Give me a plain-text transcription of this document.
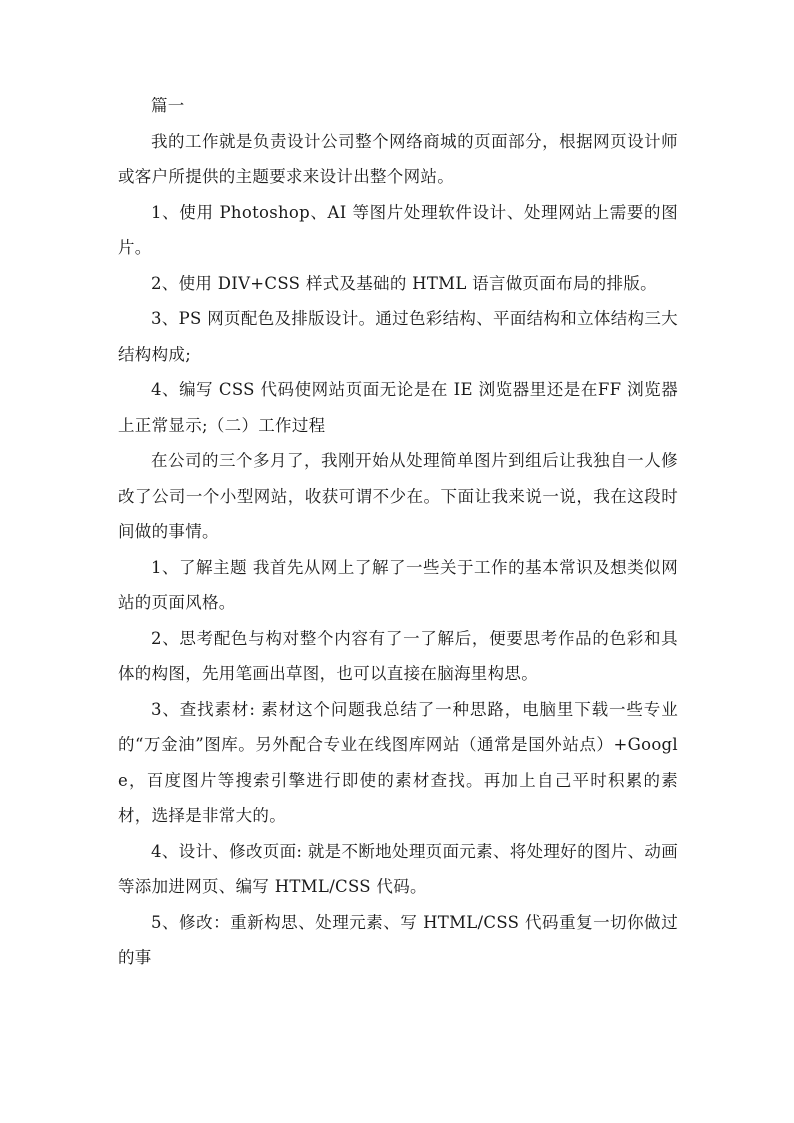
篇一

我的工作就是负责设计公司整个网络商城的页面部分，根据网页设计师或客户所提供的主题要求来设计出整个网站。

1、使用 Photoshop、AI 等图片处理软件设计、处理网站上需要的图片。

2、使用 DIV+CSS 样式及基础的 HTML 语言做页面布局的排版。

3、PS 网页配色及排版设计。通过色彩结构、平面结构和立体结构三大结构构成;

4、编写 CSS 代码使网站页面无论是在 IE 浏览器里还是在FF 浏览器上正常显示;（二）工作过程

在公司的三个多月了，我刚开始从处理简单图片到组后让我独自一人修改了公司一个小型网站，收获可谓不少在。下面让我来说一说，我在这段时间做的事情。

1、了解主题 我首先从网上了解了一些关于工作的基本常识及想类似网站的页面风格。

2、思考配色与构对整个内容有了一了解后，便要思考作品的色彩和具体的构图，先用笔画出草图，也可以直接在脑海里构思。

3、查找素材: 素材这个问题我总结了一种思路，电脑里下载一些专业的“万金油”图库。另外配合专业在线图库网站（通常是国外站点）+Google，百度图片等搜索引擎进行即使的素材查找。再加上自己平时积累的素材，选择是非常大的。

4、设计、修改页面: 就是不断地处理页面元素、将处理好的图片、动画等添加进网页、编写 HTML/CSS 代码。

5、修改：重新构思、处理元素、写 HTML/CSS 代码重复一切你做过的事
